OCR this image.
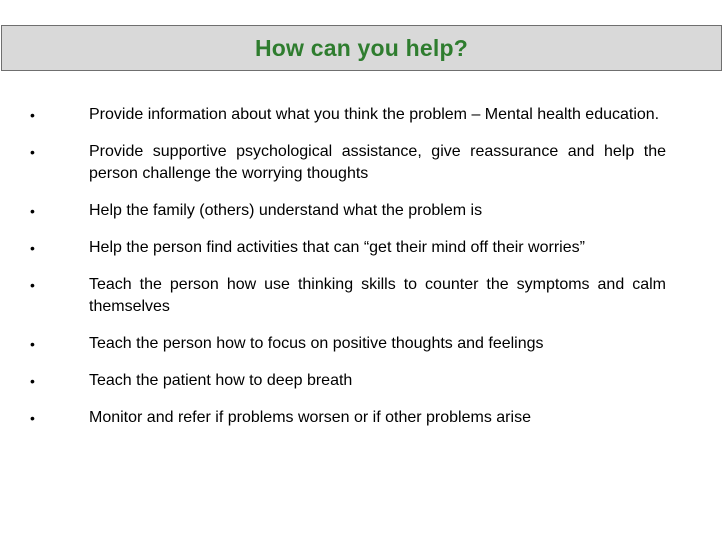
How can you help?
•	Provide information about what you think the problem – Mental health education.
•	Provide supportive psychological assistance, give reassurance and help the person challenge the worrying thoughts
•	Help the family (others) understand what the problem is
•	Help the person find activities that can “get their mind off their worries”
•	Teach the person how use thinking skills to counter the symptoms and calm themselves
•	Teach the person how to focus on positive thoughts and feelings
•	Teach the patient how to deep breath
•	Monitor and refer if problems worsen or if other problems arise
